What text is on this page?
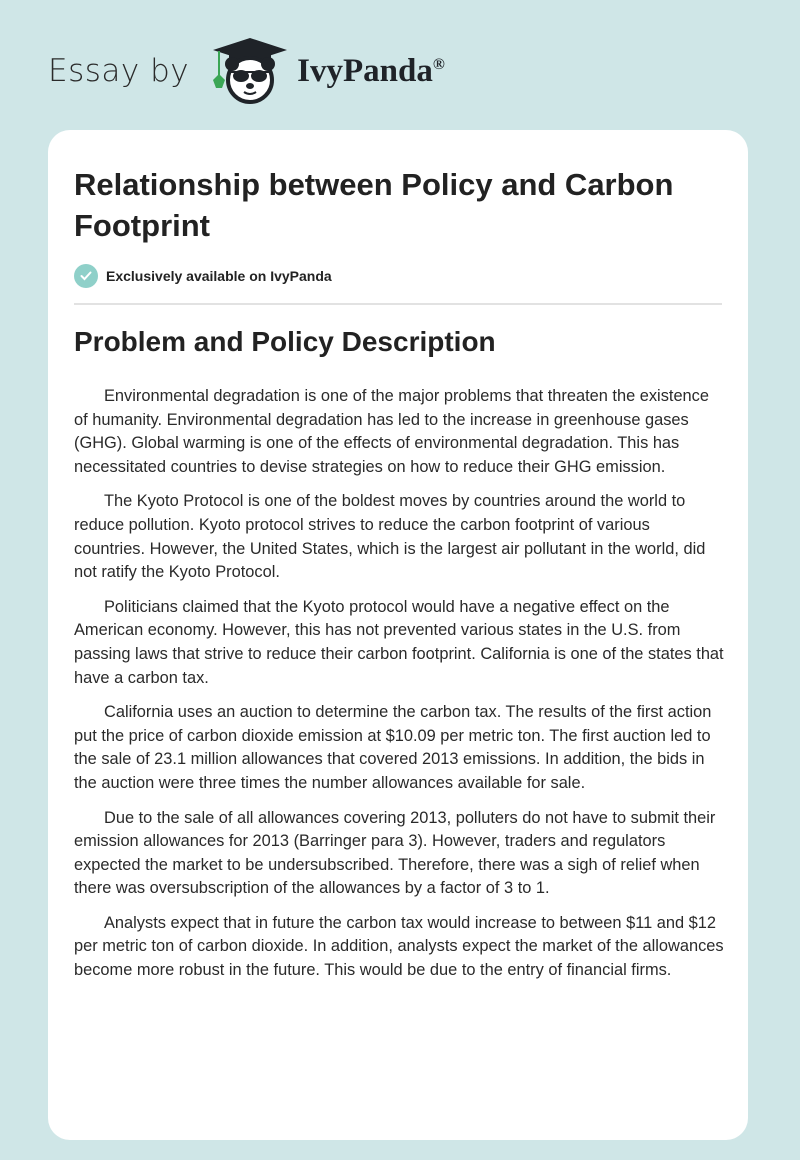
Essay by	IvyPanda®
Relationship between Policy and Carbon Footprint
Exclusively available on IvyPanda
Problem and Policy Description

Environmental degradation is one of the major problems that threaten the existence of humanity. Environmental degradation has led to the increase in greenhouse gases (GHG). Global warming is one of the effects of environmental degradation. This has necessitated countries to devise strategies on how to reduce their GHG emission.

The Kyoto Protocol is one of the boldest moves by countries around the world to reduce pollution. Kyoto protocol strives to reduce the carbon footprint of various countries. However, the United States, which is the largest air pollutant in the world, did not ratify the Kyoto Protocol.

Politicians claimed that the Kyoto protocol would have a negative effect on the American economy. However, this has not prevented various states in the U.S. from passing laws that strive to reduce their carbon footprint. California is one of the states that have a carbon tax.

California uses an auction to determine the carbon tax. The results of the first action put the price of carbon dioxide emission at $10.09 per metric ton. The first auction led to the sale of 23.1 million allowances that covered 2013 emissions. In addition, the bids in the auction were three times the number allowances available for sale.

Due to the sale of all allowances covering 2013, polluters do not have to submit their emission allowances for 2013 (Barringer para 3). However, traders and regulators expected the market to be undersubscribed. Therefore, there was a sigh of relief when there was oversubscription of the allowances by a factor of 3 to 1.

Analysts expect that in future the carbon tax would increase to between $11 and $12 per metric ton of carbon dioxide. In addition, analysts expect the market of the allowances become more robust in the future. This would be due to the entry of financial firms.
